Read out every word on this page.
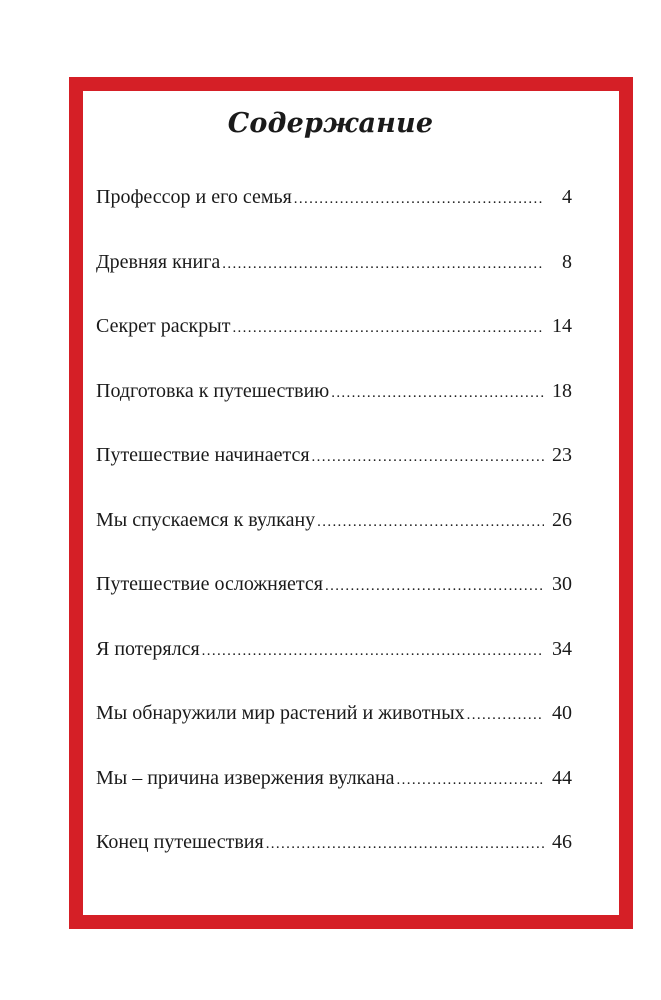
Содержание
Профессор и его семья . . .	4
Древняя книга . . .	8
Секрет раскрыт . . .	14
Подготовка к путешествию . . .	18
Путешествие начинается . . .	23
Мы спускаемся к вулкану . . .	26
Путешествие осложняется . . .	30
Я потерялся . . .	34
Мы обнаружили мир растений и животных . . .	40
Мы – причина извержения вулкана . . .	44
Конец путешествия . . .	46
